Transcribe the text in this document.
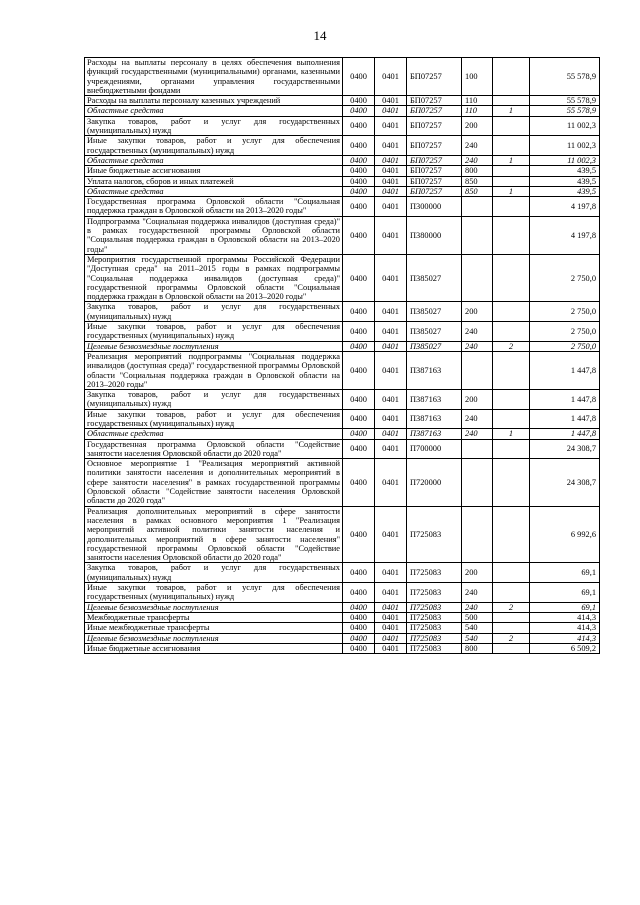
14
Расходы на выплаты персоналу в целях обеспечения выполнения функций государственными (муниципальными) органами, казенными учреждениями, органами управления государственными внебюджетными фондами	0400	0401	БП07257	100		55 578,9
Расходы на выплаты персоналу казенных учреждений	0400	0401	БП07257	110		55 578,9
Областные средства	0400	0401	БП07257	110	1	55 578,9
Закупка товаров, работ и услуг для государственных (муниципальных) нужд	0400	0401	БП07257	200		11 002,3
Иные закупки товаров, работ и услуг для обеспечения государственных (муниципальных) нужд	0400	0401	БП07257	240		11 002,3
Областные средства	0400	0401	БП07257	240	1	11 002,3
Иные бюджетные ассигнования	0400	0401	БП07257	800		439,5
Уплата налогов, сборов и иных платежей	0400	0401	БП07257	850		439,5
Областные средства	0400	0401	БП07257	850	1	439,5
Государственная программа Орловской области "Социальная поддержка граждан в Орловской области на 2013–2020 годы"	0400	0401	П300000			4 197,8
Подпрограмма "Социальная поддержка инвалидов (доступная среда)" в рамках государственной программы Орловской области "Социальная поддержка граждан в Орловской области на 2013–2020 годы"	0400	0401	П380000			4 197,8
Мероприятия государственной программы Российской Федерации "Доступная среда" на 2011–2015 годы в рамках подпрограммы "Социальная поддержка инвалидов (доступная среда)" государственной программы Орловской области "Социальная поддержка граждан в Орловской области на 2013–2020 годы"	0400	0401	П385027			2 750,0
Закупка товаров, работ и услуг для государственных (муниципальных) нужд	0400	0401	П385027	200		2 750,0
Иные закупки товаров, работ и услуг для обеспечения государственных (муниципальных) нужд	0400	0401	П385027	240		2 750,0
Целевые безвозмездные поступления	0400	0401	П385027	240	2	2 750,0
Реализация мероприятий подпрограммы "Социальная поддержка инвалидов (доступная среда)" государственной программы Орловской области "Социальная поддержка граждан в Орловской области на 2013–2020 годы"	0400	0401	П387163			1 447,8
Закупка товаров, работ и услуг для государственных (муниципальных) нужд	0400	0401	П387163	200		1 447,8
Иные закупки товаров, работ и услуг для обеспечения государственных (муниципальных) нужд	0400	0401	П387163	240		1 447,8
Областные средства	0400	0401	П387163	240	1	1 447,8
Государственная программа Орловской области "Содействие занятости населения Орловской области до 2020 года"	0400	0401	П700000			24 308,7
Основное мероприятие 1 "Реализация мероприятий активной политики занятости населения и дополнительных мероприятий в сфере занятости населения" в рамках государственной программы Орловской области "Содействие занятости населения Орловской области до 2020 года"	0400	0401	П720000			24 308,7
Реализация дополнительных мероприятий в сфере занятости населения в рамках основного мероприятия 1 "Реализация мероприятий активной политики занятости населения и дополнительных мероприятий в сфере занятости населения" государственной программы Орловской области "Содействие занятости населения Орловской области до 2020 года"	0400	0401	П725083			6 992,6
Закупка товаров, работ и услуг для государственных (муниципальных) нужд	0400	0401	П725083	200		69,1
Иные закупки товаров, работ и услуг для обеспечения государственных (муниципальных) нужд	0400	0401	П725083	240		69,1
Целевые безвозмездные поступления	0400	0401	П725083	240	2	69,1
Межбюджетные трансферты	0400	0401	П725083	500		414,3
Иные межбюджетные трансферты	0400	0401	П725083	540		414,3
Целевые безвозмездные поступления	0400	0401	П725083	540	2	414,3
Иные бюджетные ассигнования	0400	0401	П725083	800		6 509,2
